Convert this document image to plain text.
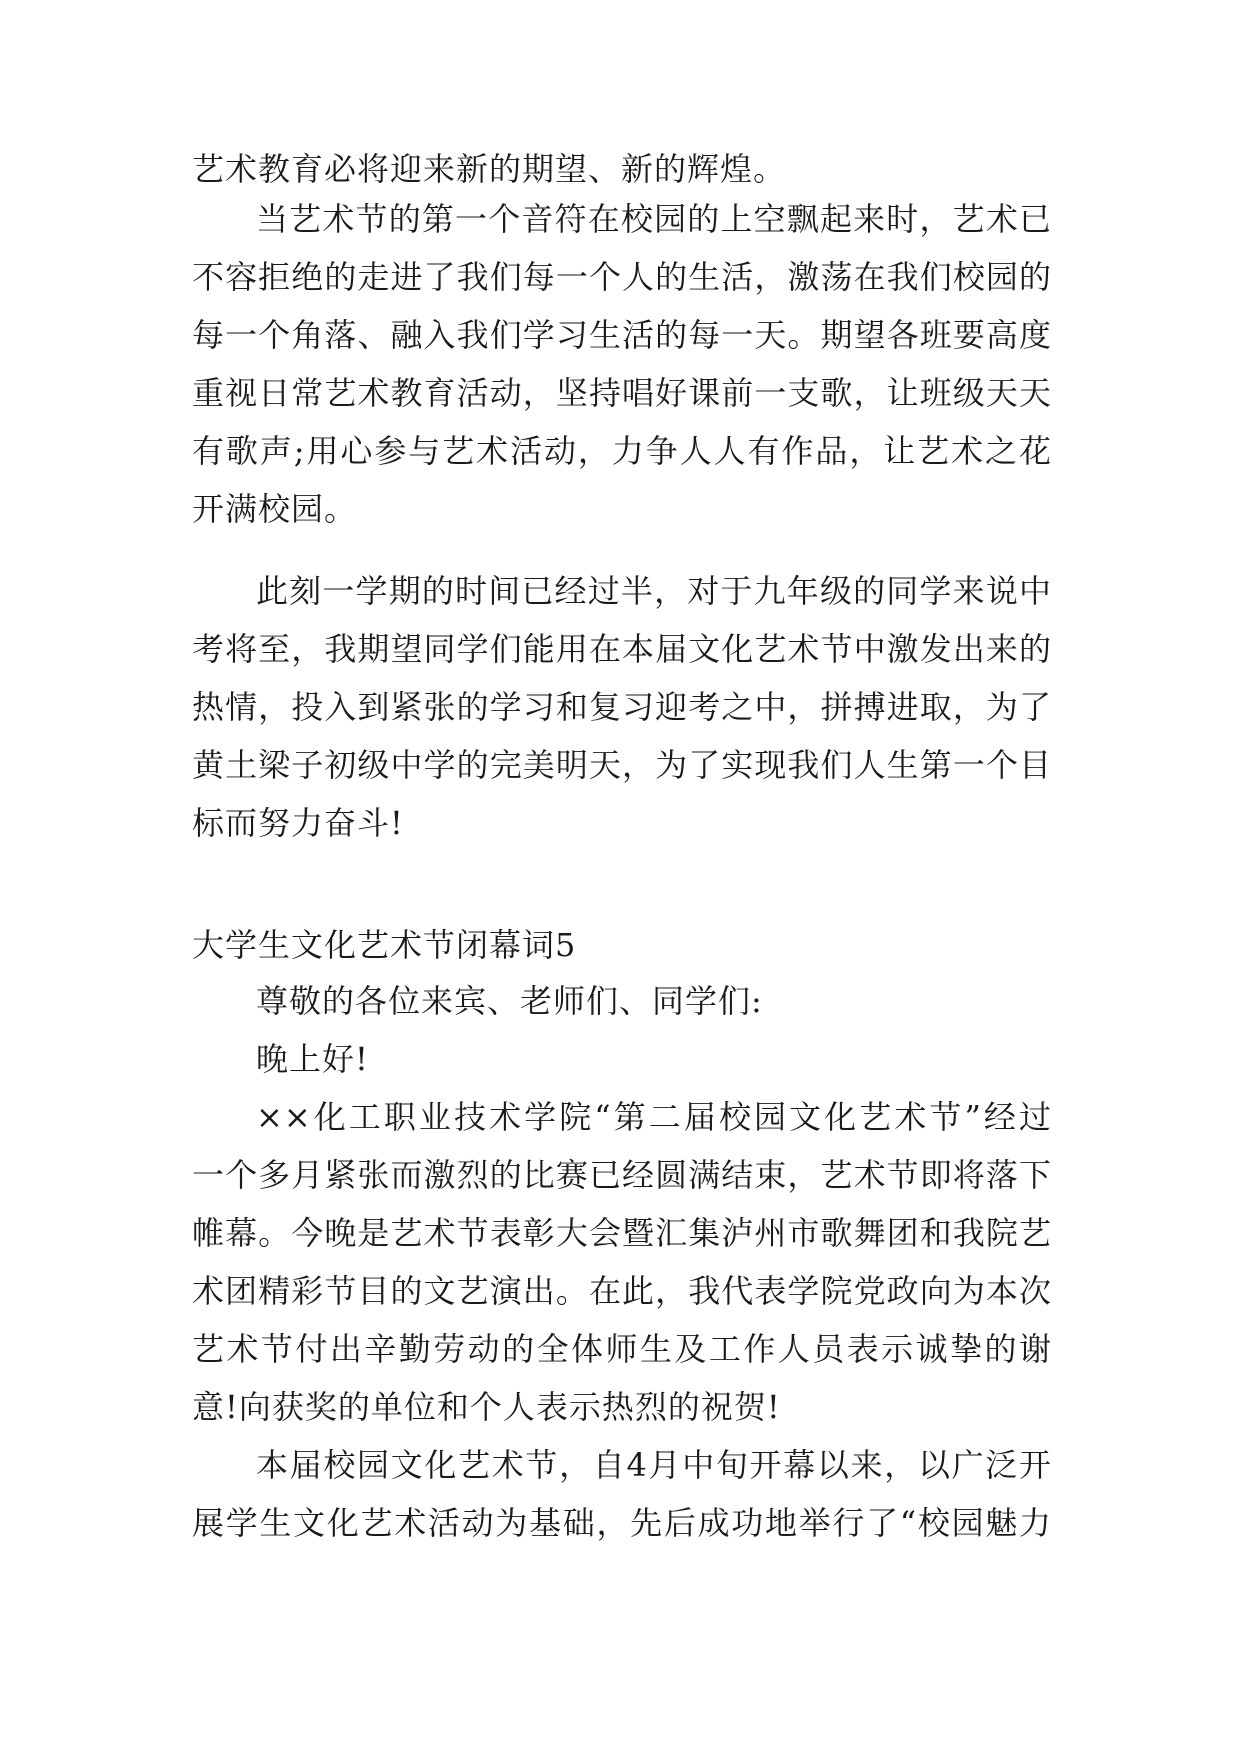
艺术教育必将迎来新的期望、新的辉煌。
当艺术节的第一个音符在校园的上空飘起来时，艺术已
不容拒绝的走进了我们每一个人的生活，激荡在我们校园的
每一个角落、融入我们学习生活的每一天。期望各班要高度
重视日常艺术教育活动，坚持唱好课前一支歌，让班级天天
有歌声;用心参与艺术活动，力争人人有作品，让艺术之花
开满校园。
此刻一学期的时间已经过半，对于九年级的同学来说中
考将至，我期望同学们能用在本届文化艺术节中激发出来的
热情，投入到紧张的学习和复习迎考之中，拼搏进取，为了
黄土梁子初级中学的完美明天，为了实现我们人生第一个目
标而努力奋斗!
大学生文化艺术节闭幕词5
尊敬的各位来宾、老师们、同学们:
晚上好!
××化工职业技术学院“第二届校园文化艺术节”经过
一个多月紧张而激烈的比赛已经圆满结束，艺术节即将落下
帷幕。今晚是艺术节表彰大会暨汇集泸州市歌舞团和我院艺
术团精彩节目的文艺演出。在此，我代表学院党政向为本次
艺术节付出辛勤劳动的全体师生及工作人员表示诚挚的谢
意!向获奖的单位和个人表示热烈的祝贺!
本届校园文化艺术节，自4月中旬开幕以来，以广泛开
展学生文化艺术活动为基础，先后成功地举行了“校园魅力
